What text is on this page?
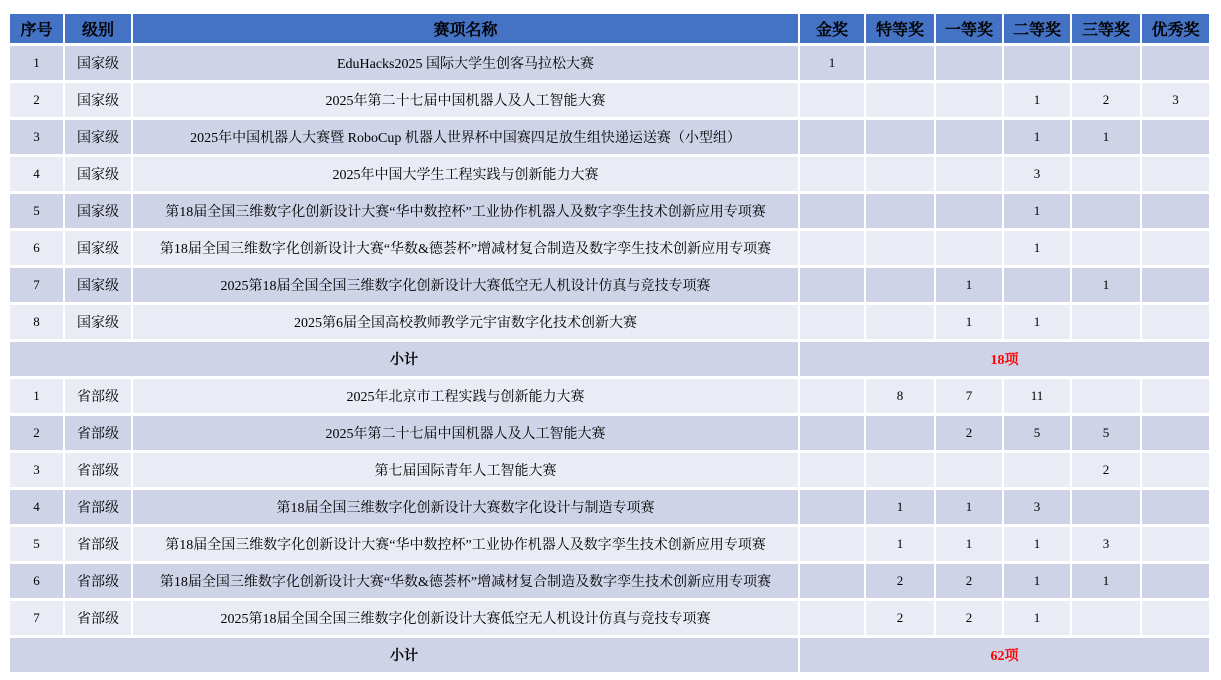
序号	级别	赛项名称	金奖	特等奖	一等奖	二等奖	三等奖	优秀奖
1	国家级	EduHacks2025 国际大学生创客马拉松大赛	1					
2	国家级	2025年第二十七届中国机器人及人工智能大赛				1	2	3
3	国家级	2025年中国机器人大赛暨 RoboCup 机器人世界杯中国赛四足放生组快递运送赛（小型组）				1	1	
4	国家级	2025年中国大学生工程实践与创新能力大赛				3		
5	国家级	第18届全国三维数字化创新设计大赛“华中数控杯”工业协作机器人及数字孪生技术创新应用专项赛				1		
6	国家级	第18届全国三维数字化创新设计大赛“华数&德荟杯”增减材复合制造及数字孪生技术创新应用专项赛				1		
7	国家级	2025第18届全国全国三维数字化创新设计大赛低空无人机设计仿真与竞技专项赛			1		1	
8	国家级	2025第6届全国高校教师教学元宇宙数字化技术创新大赛			1	1		
小计			18项					
1	省部级	2025年北京市工程实践与创新能力大赛		8	7	11		
2	省部级	2025年第二十七届中国机器人及人工智能大赛			2	5	5	
3	省部级	第七届国际青年人工智能大赛					2	
4	省部级	第18届全国三维数字化创新设计大赛数字化设计与制造专项赛		1	1	3		
5	省部级	第18届全国三维数字化创新设计大赛“华中数控杯”工业协作机器人及数字孪生技术创新应用专项赛		1	1	1	3	
6	省部级	第18届全国三维数字化创新设计大赛“华数&德荟杯”增减材复合制造及数字孪生技术创新应用专项赛		2	2	1	1	
7	省部级	2025第18届全国全国三维数字化创新设计大赛低空无人机设计仿真与竞技专项赛		2	2	1		
小计			62项					
